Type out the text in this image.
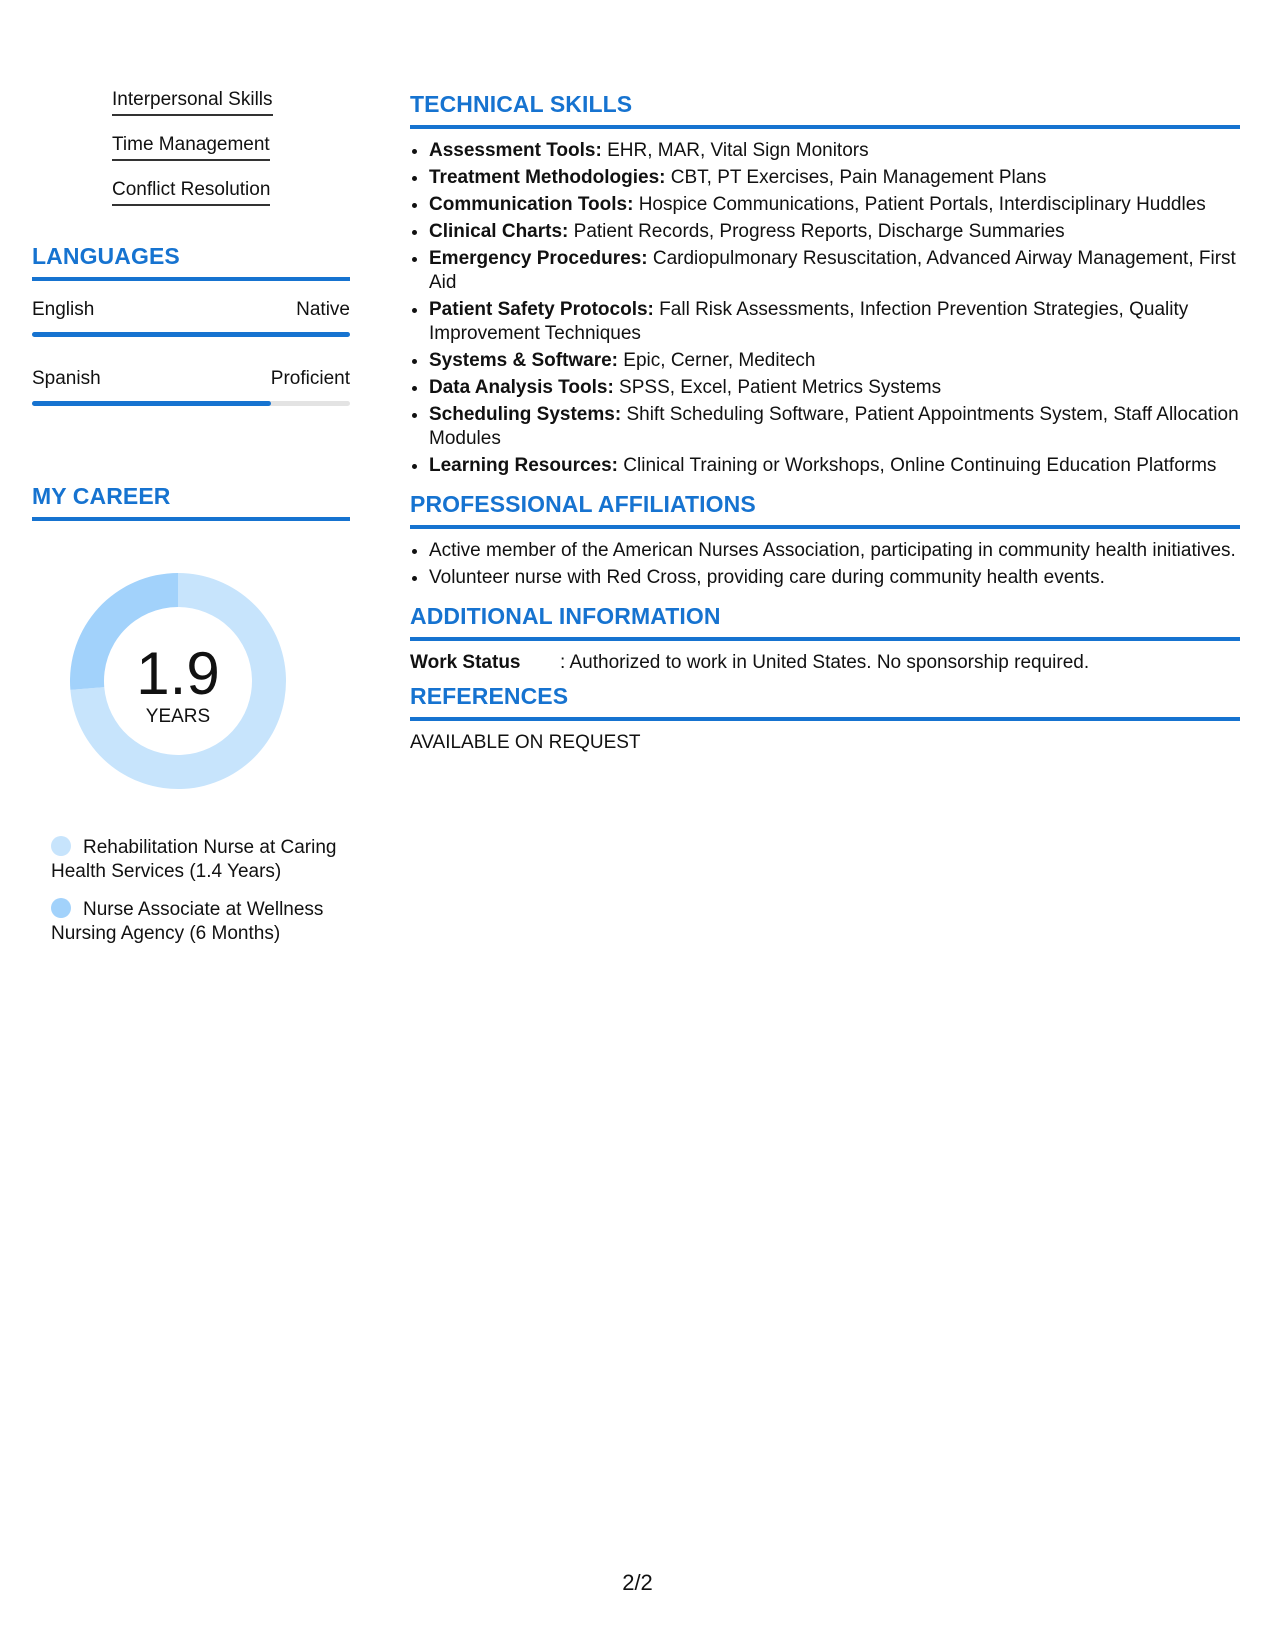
Interpersonal Skills
Time Management
Conflict Resolution
LANGUAGES
English	Native
Spanish	Proficient
MY CAREER
1.9
YEARS
Rehabilitation Nurse at Caring Health Services (1.4 Years)
Nurse Associate at Wellness Nursing Agency (6 Months)
TECHNICAL SKILLS
• Assessment Tools: EHR, MAR, Vital Sign Monitors
• Treatment Methodologies: CBT, PT Exercises, Pain Management Plans
• Communication Tools: Hospice Communications, Patient Portals, Interdisciplinary Huddles
• Clinical Charts: Patient Records, Progress Reports, Discharge Summaries
• Emergency Procedures: Cardiopulmonary Resuscitation, Advanced Airway Management, First Aid
• Patient Safety Protocols: Fall Risk Assessments, Infection Prevention Strategies, Quality Improvement Techniques
• Systems & Software: Epic, Cerner, Meditech
• Data Analysis Tools: SPSS, Excel, Patient Metrics Systems
• Scheduling Systems: Shift Scheduling Software, Patient Appointments System, Staff Allocation Modules
• Learning Resources: Clinical Training or Workshops, Online Continuing Education Platforms
PROFESSIONAL AFFILIATIONS
• Active member of the American Nurses Association, participating in community health initiatives.
• Volunteer nurse with Red Cross, providing care during community health events.
ADDITIONAL INFORMATION
Work Status	: Authorized to work in United States. No sponsorship required.
REFERENCES
AVAILABLE ON REQUEST
2/2
